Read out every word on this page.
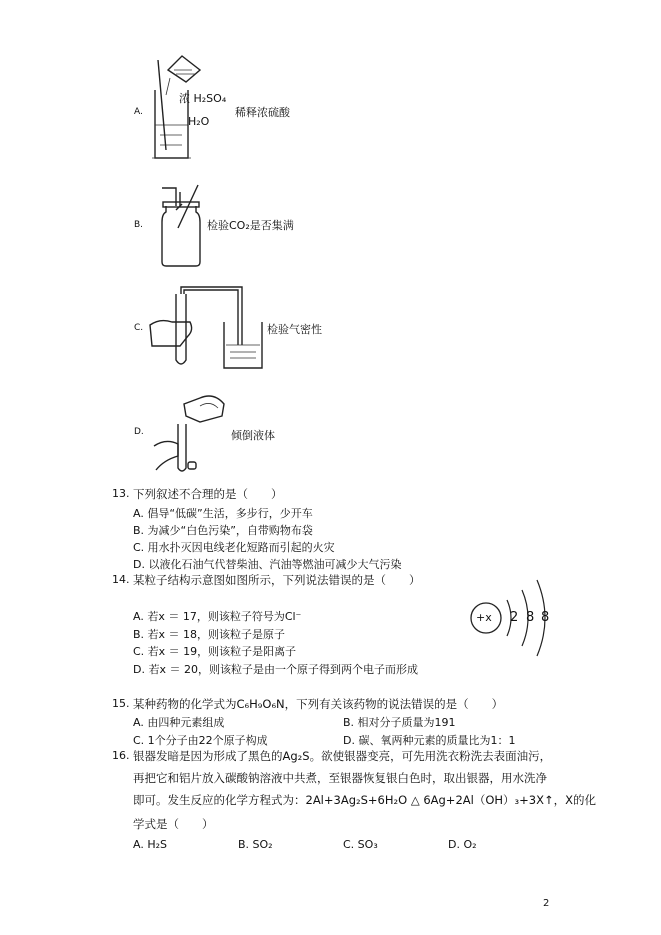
A.
浓 H₂SO₄
H₂O
稀释浓硫酸
B.	检验CO₂是否集满
C.	检验气密性
D.	倾倒液体
13. 下列叙述不合理的是（　　）
A. 倡导“低碳”生活，多步行，少开车
B. 为减少“白色污染”，自带购物布袋
C. 用水扑灭因电线老化短路而引起的火灾
D. 以液化石油气代替柴油、汽油等燃油可减少大气污染
14. 某粒子结构示意图如图所示，下列说法错误的是（　　）
A. 若x ＝ 17，则该粒子符号为Cl⁻
B. 若x ＝ 18，则该粒子是原子
C. 若x ＝ 19，则该粒子是阳离子
D. 若x ＝ 20，则该粒子是由一个原子得到两个电子而形成
+x 2 8 8
15. 某种药物的化学式为C₆H₉O₆N，下列有关该药物的说法错误的是（　　）
A. 由四种元素组成	B. 相对分子质量为191
C. 1个分子由22个原子构成	D. 碳、氧两种元素的质量比为1：1
16. 银器发暗是因为形成了黑色的Ag₂S。欲使银器变亮，可先用洗衣粉洗去表面油污，
再把它和铝片放入碳酸钠溶液中共煮，至银器恢复银白色时，取出银器，用水洗净
即可。发生反应的化学方程式为：2Al+3Ag₂S+6H₂O △ 6Ag+2Al（OH）₃+3X↑，X的化
学式是（　　）
A. H₂S	B. SO₂	C. SO₃	D. O₂
2
